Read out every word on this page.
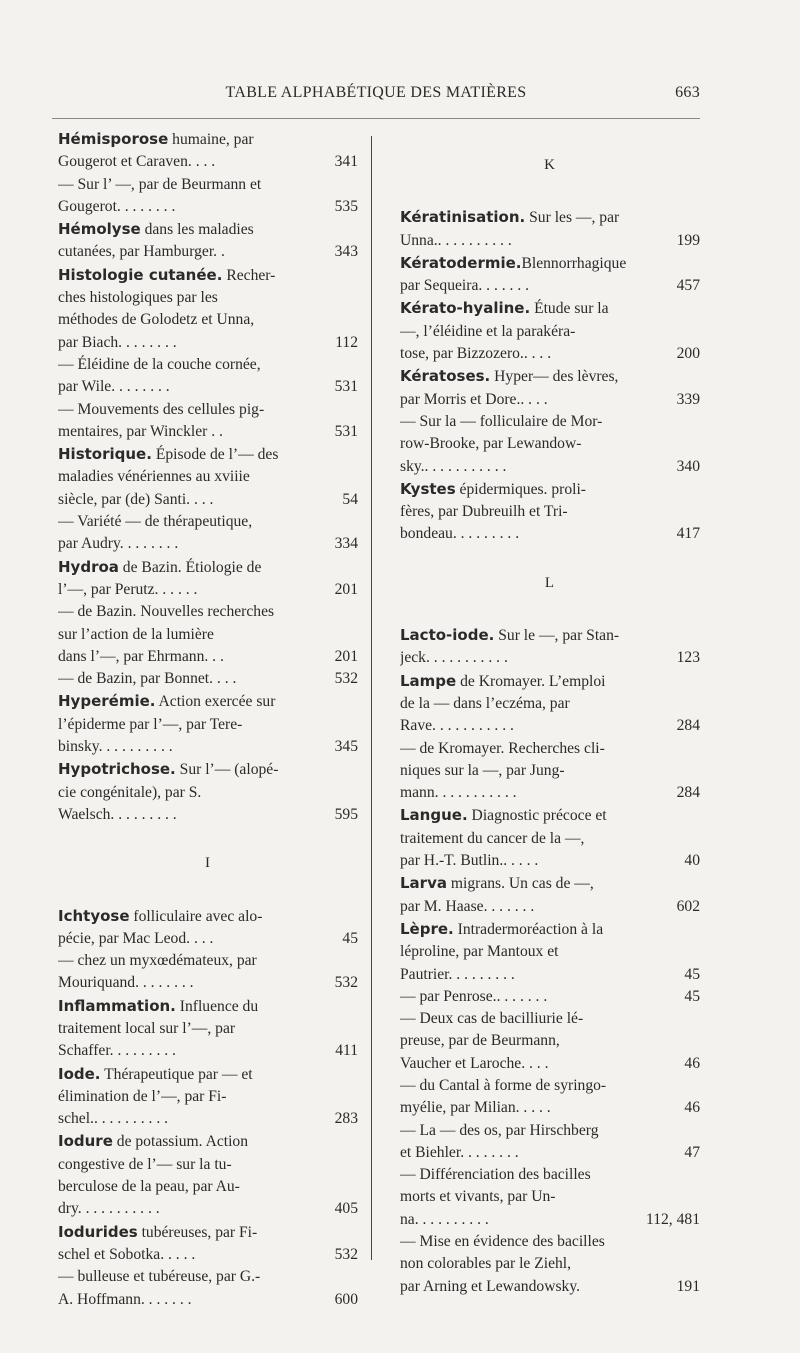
TABLE ALPHABÉTIQUE DES MATIÈRES	663
Hémisporose humaine, par
Gougerot et Caraven. . . .	341
— Sur l’ —, par de Beurmann et
Gougerot. . . . . . . .	535
Hémolyse dans les maladies
cutanées, par Hamburger. .	343
Histologie cutanée. Recher-
ches histologiques par les
méthodes de Golodetz et Unna,
par Biach. . . . . . . .	112
— Éléidine de la couche cornée,
par Wile. . . . . . . .	531
— Mouvements des cellules pig-
mentaires, par Winckler . .	531
Historique. Épisode de l’— des
maladies vénériennes au xviiie
siècle, par (de) Santi. . . .	54
— Variété — de thérapeutique,
par Audry. . . . . . . .	334
Hydroa de Bazin. Étiologie de
l’—, par Perutz. . . . . .	201
— de Bazin. Nouvelles recherches
sur l’action de la lumière
dans l’—, par Ehrmann. . .	201
— de Bazin, par Bonnet. . . .	532
Hyperémie. Action exercée sur
l’épiderme par l’—, par Tere-
binsky. . . . . . . . . .	345
Hypotrichose. Sur l’— (alopé-
cie congénitale), par S.
Waelsch. . . . . . . . .	595
I
Ichtyose folliculaire avec alo-
pécie, par Mac Leod. . . .	45
— chez un myxœdémateux, par
Mouriquand. . . . . . . .	532
Inflammation. Influence du
traitement local sur l’—, par
Schaffer. . . . . . . . .	411
Iode. Thérapeutique par — et
élimination de l’—, par Fi-
schel.. . . . . . . . . .	283
Iodure de potassium. Action
congestive de l’— sur la tu-
berculose de la peau, par Au-
dry. . . . . . . . . . .	405
Iodurides tubéreuses, par Fi-
schel et Sobotka. . . . .	532
— bulleuse et tubéreuse, par G.-
A. Hoffmann. . . . . . .	600
K
Kératinisation. Sur les —, par
Unna.. . . . . . . . . .	199
Kératodermie.Blennorrhagique
par Sequeira. . . . . . .	457
Kérato-hyaline. Étude sur la
—, l’éléidine et la parakéra-
tose, par Bizzozero.. . . .	200
Kératoses. Hyper— des lèvres,
par Morris et Dore.. . . .	339
— Sur la — folliculaire de Mor-
row-Brooke, par Lewandow-
sky.. . . . . . . . . . .	340
Kystes épidermiques. proli-
fères, par Dubreuilh et Tri-
bondeau. . . . . . . . .	417
L
Lacto-iode. Sur le —, par Stan-
jeck. . . . . . . . . . .	123
Lampe de Kromayer. L’emploi
de la — dans l’eczéma, par
Rave. . . . . . . . . . .	284
— de Kromayer. Recherches cli-
niques sur la —, par Jung-
mann. . . . . . . . . . .	284
Langue. Diagnostic précoce et
traitement du cancer de la —,
par H.-T. Butlin.. . . . .	40
Larva migrans. Un cas de —,
par M. Haase. . . . . . .	602
Lèpre. Intradermoréaction à la
léproline, par Mantoux et
Pautrier. . . . . . . . .	45
— par Penrose.. . . . . . .	45
— Deux cas de bacilliurie lé-
preuse, par de Beurmann,
Vaucher et Laroche. . . .	46
— du Cantal à forme de syringo-
myélie, par Milian. . . . .	46
— La — des os, par Hirschberg
et Biehler. . . . . . . .	47
— Différenciation des bacilles
morts et vivants, par Un-
na. . . . . . . . . .	112, 481
— Mise en évidence des bacilles
non colorables par le Ziehl,
par Arning et Lewandowsky.	191
